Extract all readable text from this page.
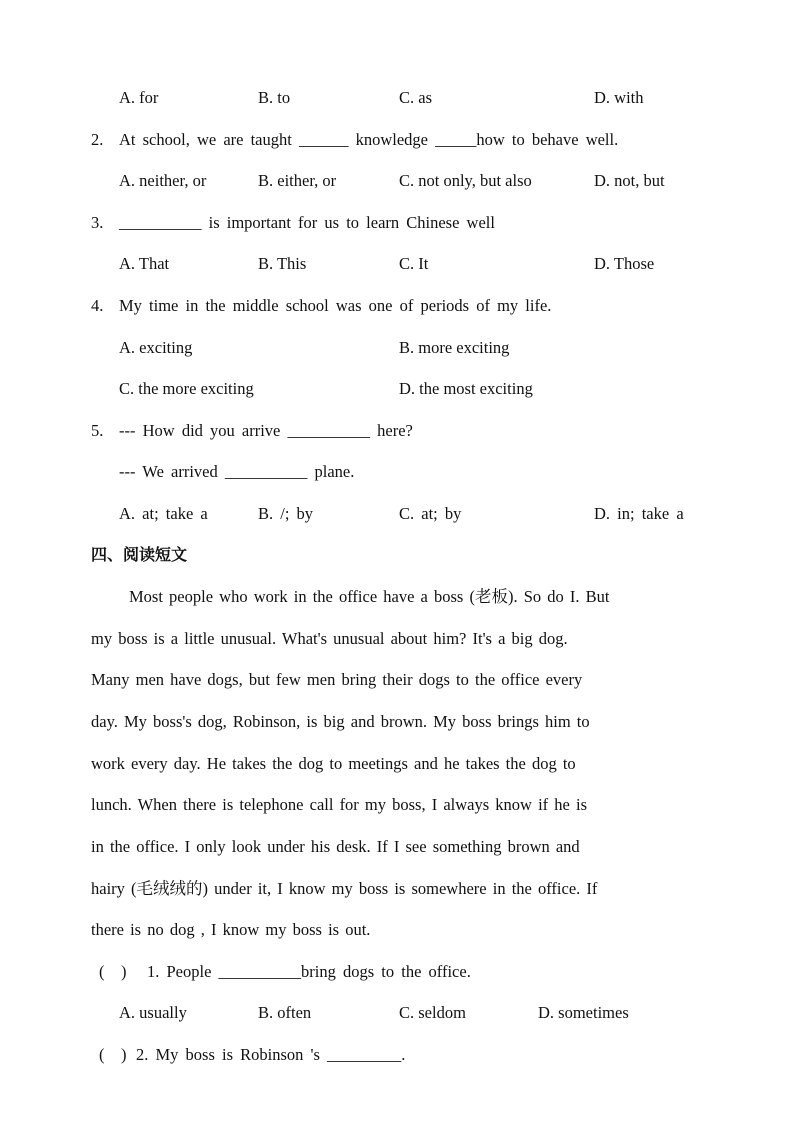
A. for	B. to	C. as	D. with
2. At school, we are taught ______ knowledge _____how to behave well.
A. neither, or	B. either, or	C. not only, but also	D. not, but
3. __________ is important for us to learn Chinese well
A. That	B. This	C. It	D. Those
4. My time in the middle school was one of periods of my life.
A. exciting	B. more exciting
C. the more exciting	D. the most exciting
5. --- How did you arrive __________ here?
--- We arrived __________ plane.
A. at; take a	B. /; by	C. at; by	D. in; take a
四、阅读短文
Most people who work in the office have a boss (老板). So do I. But
my boss is a little unusual. What's unusual about him? It's a big dog.
Many men have dogs, but few men bring their dogs to the office every
day. My boss's dog, Robinson, is big and brown. My boss brings him to
work every day. He takes the dog to meetings and he takes the dog to
lunch. When there is telephone call for my boss, I always know if he is
in the office. I only look under his desk. If I see something brown and
hairy (毛绒绒的) under it, I know my boss is somewhere in the office. If
there is no dog , I know my boss is out.
(    ) 1. People __________bring dogs to the office.
A. usually	B. often	C. seldom	D. sometimes
(    ) 2. My boss is Robinson 's _________.
